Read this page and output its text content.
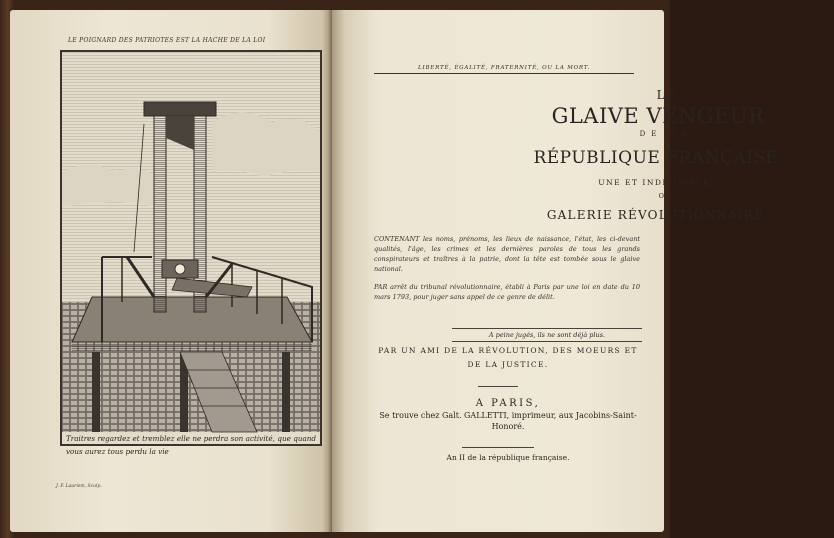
LE POIGNARD DES PATRIOTES EST LA HACHE DE LA LOI
Traitres regardez et tremblez elle ne perdra son activité, que quand vous aurez tous perdu la vie
J. F. Lauriem, Sculp.
LIBERTÉ, ÉGALITÉ, FRATERNITÉ, OU LA MORT.
LE
GLAIVE VENGEUR
DE LA
RÉPUBLIQUE FRANÇAISE
UNE ET INDIVISIBLE.
OU
GALERIE RÉVOLUTIONNAIRE,
CONTENANT les noms, prénoms, les lieux de naissance, l'état, les ci-devant qualités, l'âge, les crimes et les dernières paroles de tous les grands conspirateurs et traîtres à la patrie, dont la tête est tombée sous le glaive national.
PAR arrêt du tribunal révolutionnaire, établi à Paris par une loi en date du 10 mars 1793, pour juger sans appel de ce genre de délit.
A peine jugés, ils ne sont déjà plus.
PAR UN AMI DE LA RÉVOLUTION, DES MOEURS ET DE LA JUSTICE.
A PARIS,
Se trouve chez Galt. GALLETTI, imprimeur, aux Jacobins-Saint-Honoré.
An II de la république française.
